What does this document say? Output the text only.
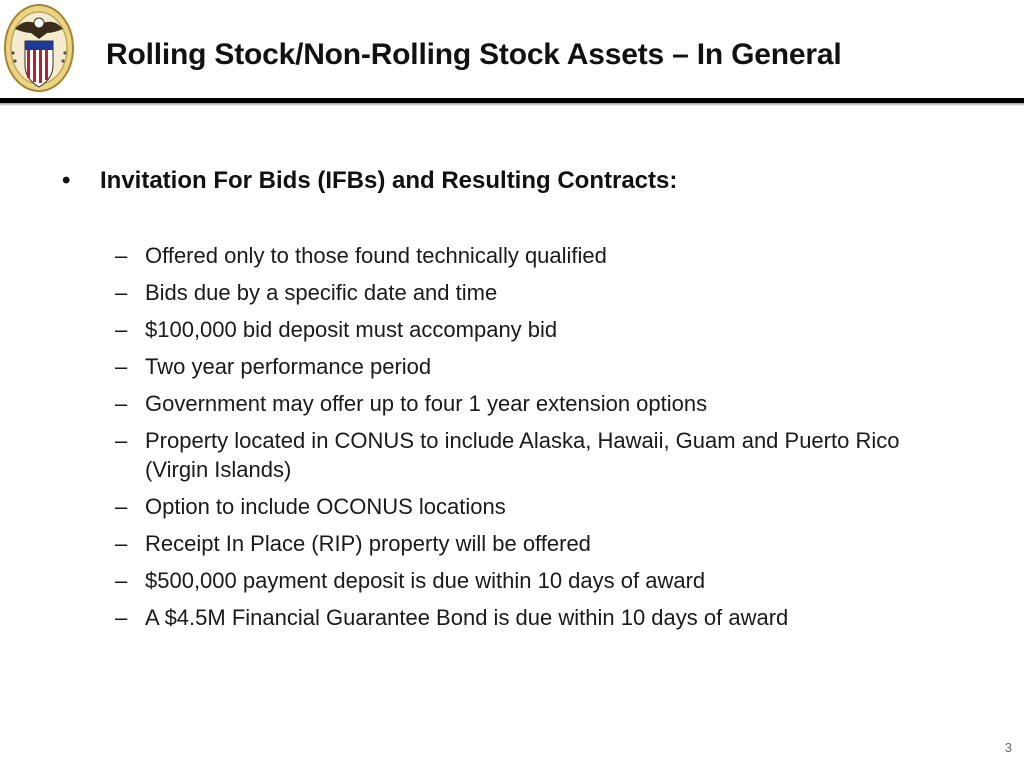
Rolling Stock/Non-Rolling Stock Assets – In General
• Invitation For Bids (IFBs) and Resulting Contracts:
– Offered only to those found technically qualified
– Bids due by a specific date and time
– $100,000 bid deposit must accompany bid
– Two year performance period
– Government may offer up to four 1 year extension options
– Property located in CONUS to include Alaska, Hawaii, Guam and Puerto Rico (Virgin Islands)
– Option to include OCONUS locations
– Receipt In Place (RIP) property will be offered
– $500,000 payment deposit is due within 10 days of award
– A $4.5M Financial Guarantee Bond is due within 10 days of award
3
